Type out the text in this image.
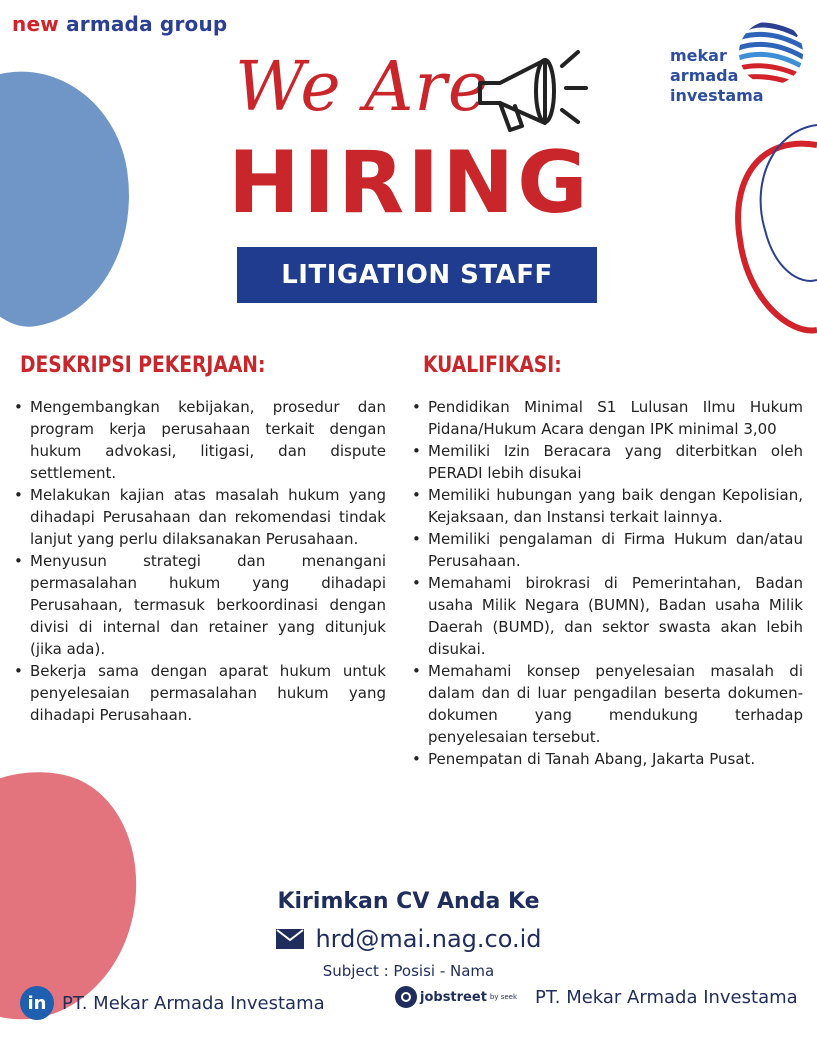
new armada group
mekar
armada
investama
We Are
HIRING
LITIGATION STAFF
DESKRIPSI PEKERJAAN:
• Mengembangkan kebijakan, prosedur dan program kerja perusahaan terkait dengan hukum advokasi, litigasi, dan dispute settlement.
• Melakukan kajian atas masalah hukum yang dihadapi Perusahaan dan rekomendasi tindak lanjut yang perlu dilaksanakan Perusahaan.
• Menyusun strategi dan menangani permasalahan hukum yang dihadapi Perusahaan, termasuk berkoordinasi dengan divisi di internal dan retainer yang ditunjuk (jika ada).
• Bekerja sama dengan aparat hukum untuk penyelesaian permasalahan hukum yang dihadapi Perusahaan.
KUALIFIKASI:
• Pendidikan Minimal S1 Lulusan Ilmu Hukum Pidana/Hukum Acara dengan IPK minimal 3,00
• Memiliki Izin Beracara yang diterbitkan oleh PERADI lebih disukai
• Memiliki hubungan yang baik dengan Kepolisian, Kejaksaan, dan Instansi terkait lainnya.
• Memiliki pengalaman di Firma Hukum dan/atau Perusahaan.
• Memahami birokrasi di Pemerintahan, Badan usaha Milik Negara (BUMN), Badan usaha Milik Daerah (BUMD), dan sektor swasta akan lebih disukai.
• Memahami konsep penyelesaian masalah di dalam dan di luar pengadilan beserta dokumen-dokumen yang mendukung terhadap penyelesaian tersebut.
• Penempatan di Tanah Abang, Jakarta Pusat.
Kirimkan CV Anda Ke
hrd@mai.nag.co.id
Subject : Posisi - Nama
in PT. Mekar Armada Investama	jobstreet by seek PT. Mekar Armada Investama
